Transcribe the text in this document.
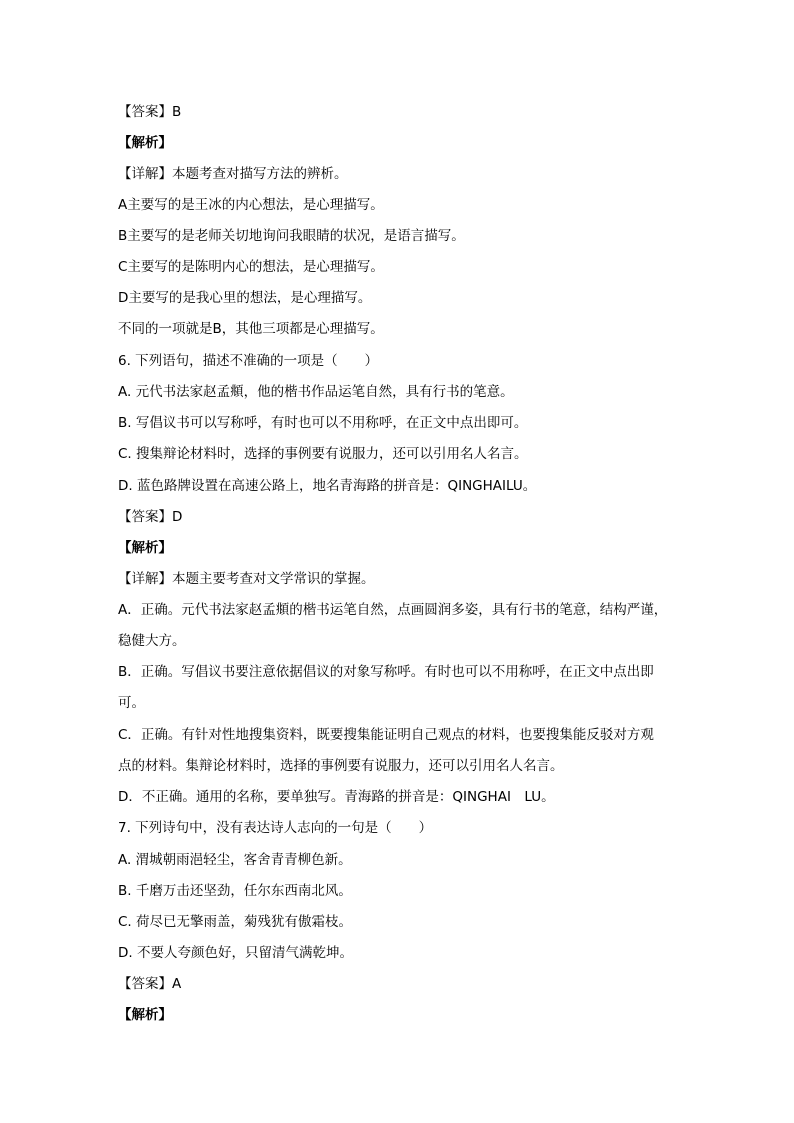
【答案】B
【解析】
【详解】本题考查对描写方法的辨析。
A主要写的是王冰的内心想法，是心理描写。
B主要写的是老师关切地询问我眼睛的状况，是语言描写。
C主要写的是陈明内心的想法，是心理描写。
D主要写的是我心里的想法，是心理描写。
不同的一项就是B，其他三项都是心理描写。
6. 下列语句，描述不准确的一项是（　　）
A. 元代书法家赵孟頫，他的楷书作品运笔自然，具有行书的笔意。
B. 写倡议书可以写称呼，有时也可以不用称呼，在正文中点出即可。
C. 搜集辩论材料时，选择的事例要有说服力，还可以引用名人名言。
D. 蓝色路牌设置在高速公路上，地名青海路的拼音是：QINGHAILU。
【答案】D
【解析】
【详解】本题主要考查对文学常识的掌握。
A．正确。元代书法家赵孟頫的楷书运笔自然，点画圆润多姿，具有行书的笔意，结构严谨，
稳健大方。
B．正确。写倡议书要注意依据倡议的对象写称呼。有时也可以不用称呼，在正文中点出即
可。
C．正确。有针对性地搜集资料，既要搜集能证明自己观点的材料，也要搜集能反驳对方观
点的材料。集辩论材料时，选择的事例要有说服力，还可以引用名人名言。
D．不正确。通用的名称，要单独写。青海路的拼音是：QINGHAI　LU。
7. 下列诗句中，没有表达诗人志向的一句是（　　）
A. 渭城朝雨浥轻尘，客舍青青柳色新。
B. 千磨万击还坚劲，任尔东西南北风。
C. 荷尽已无擎雨盖，菊残犹有傲霜枝。
D. 不要人夸颜色好，只留清气满乾坤。
【答案】A
【解析】
